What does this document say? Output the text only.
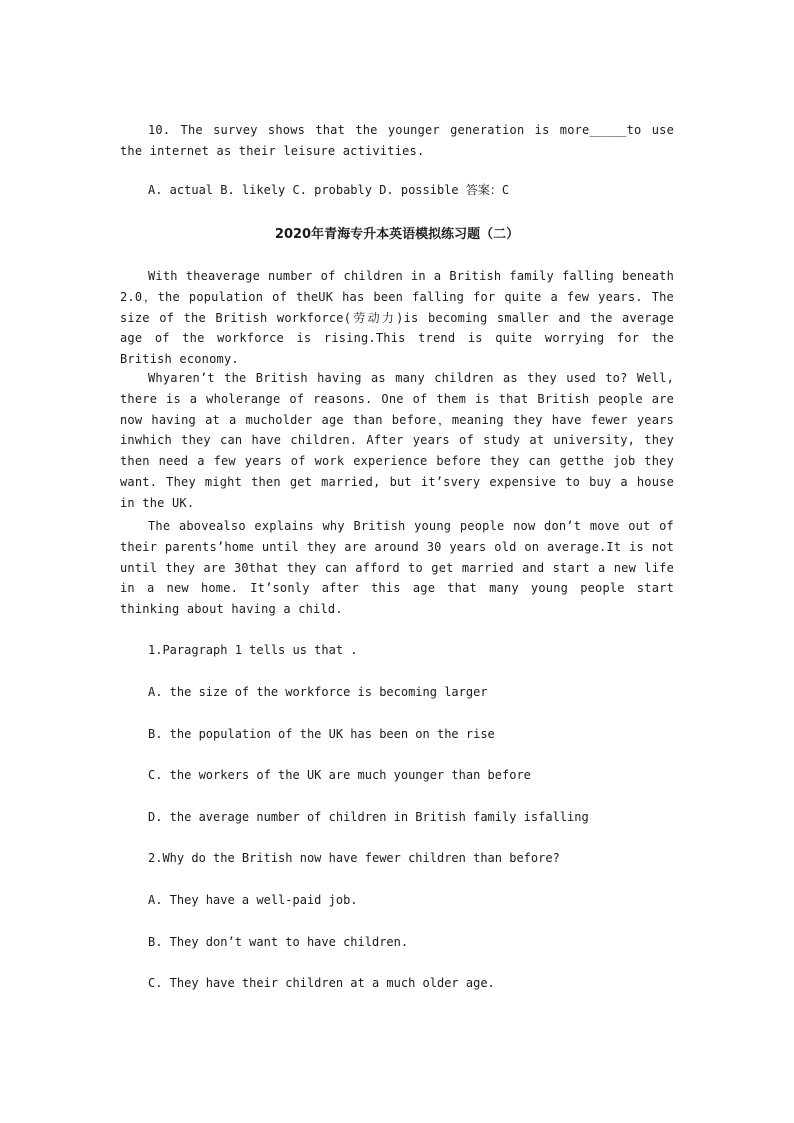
10. The survey shows that the younger generation is more_____to use the internet as their leisure activities.

A. actual B. likely C. probably D. possible 答案：C

2020年青海专升本英语模拟练习题（二）

With theaverage number of children in a British family falling beneath 2.0，the population of theUK has been falling for quite a few years. The size of the British workforce(劳动力)is becoming smaller and the average age of the workforce is rising.This trend is quite worrying for the British economy.

Whyaren’t the British having as many children as they used to? Well, there is a wholerange of reasons. One of them is that British people are now having at a mucholder age than before，meaning they have fewer years inwhich they can have children. After years of study at university, they then need a few years of work experience before they can getthe job they want. They might then get married, but it’svery expensive to buy a house in the UK.

The abovealso explains why British young people now don’t move out of their parents’home until they are around 30 years old on average.It is not until they are 30that they can afford to get married and start a new life in a new home. It’sonly after this age that many young people start thinking about having a child.

1.Paragraph 1 tells us that .

A. the size of the workforce is becoming larger

B. the population of the UK has been on the rise

C. the workers of the UK are much younger than before

D. the average number of children in British family isfalling

2.Why do the British now have fewer children than before?

A. They have a well-paid job.

B. They don’t want to have children.

C. They have their children at a much older age.
